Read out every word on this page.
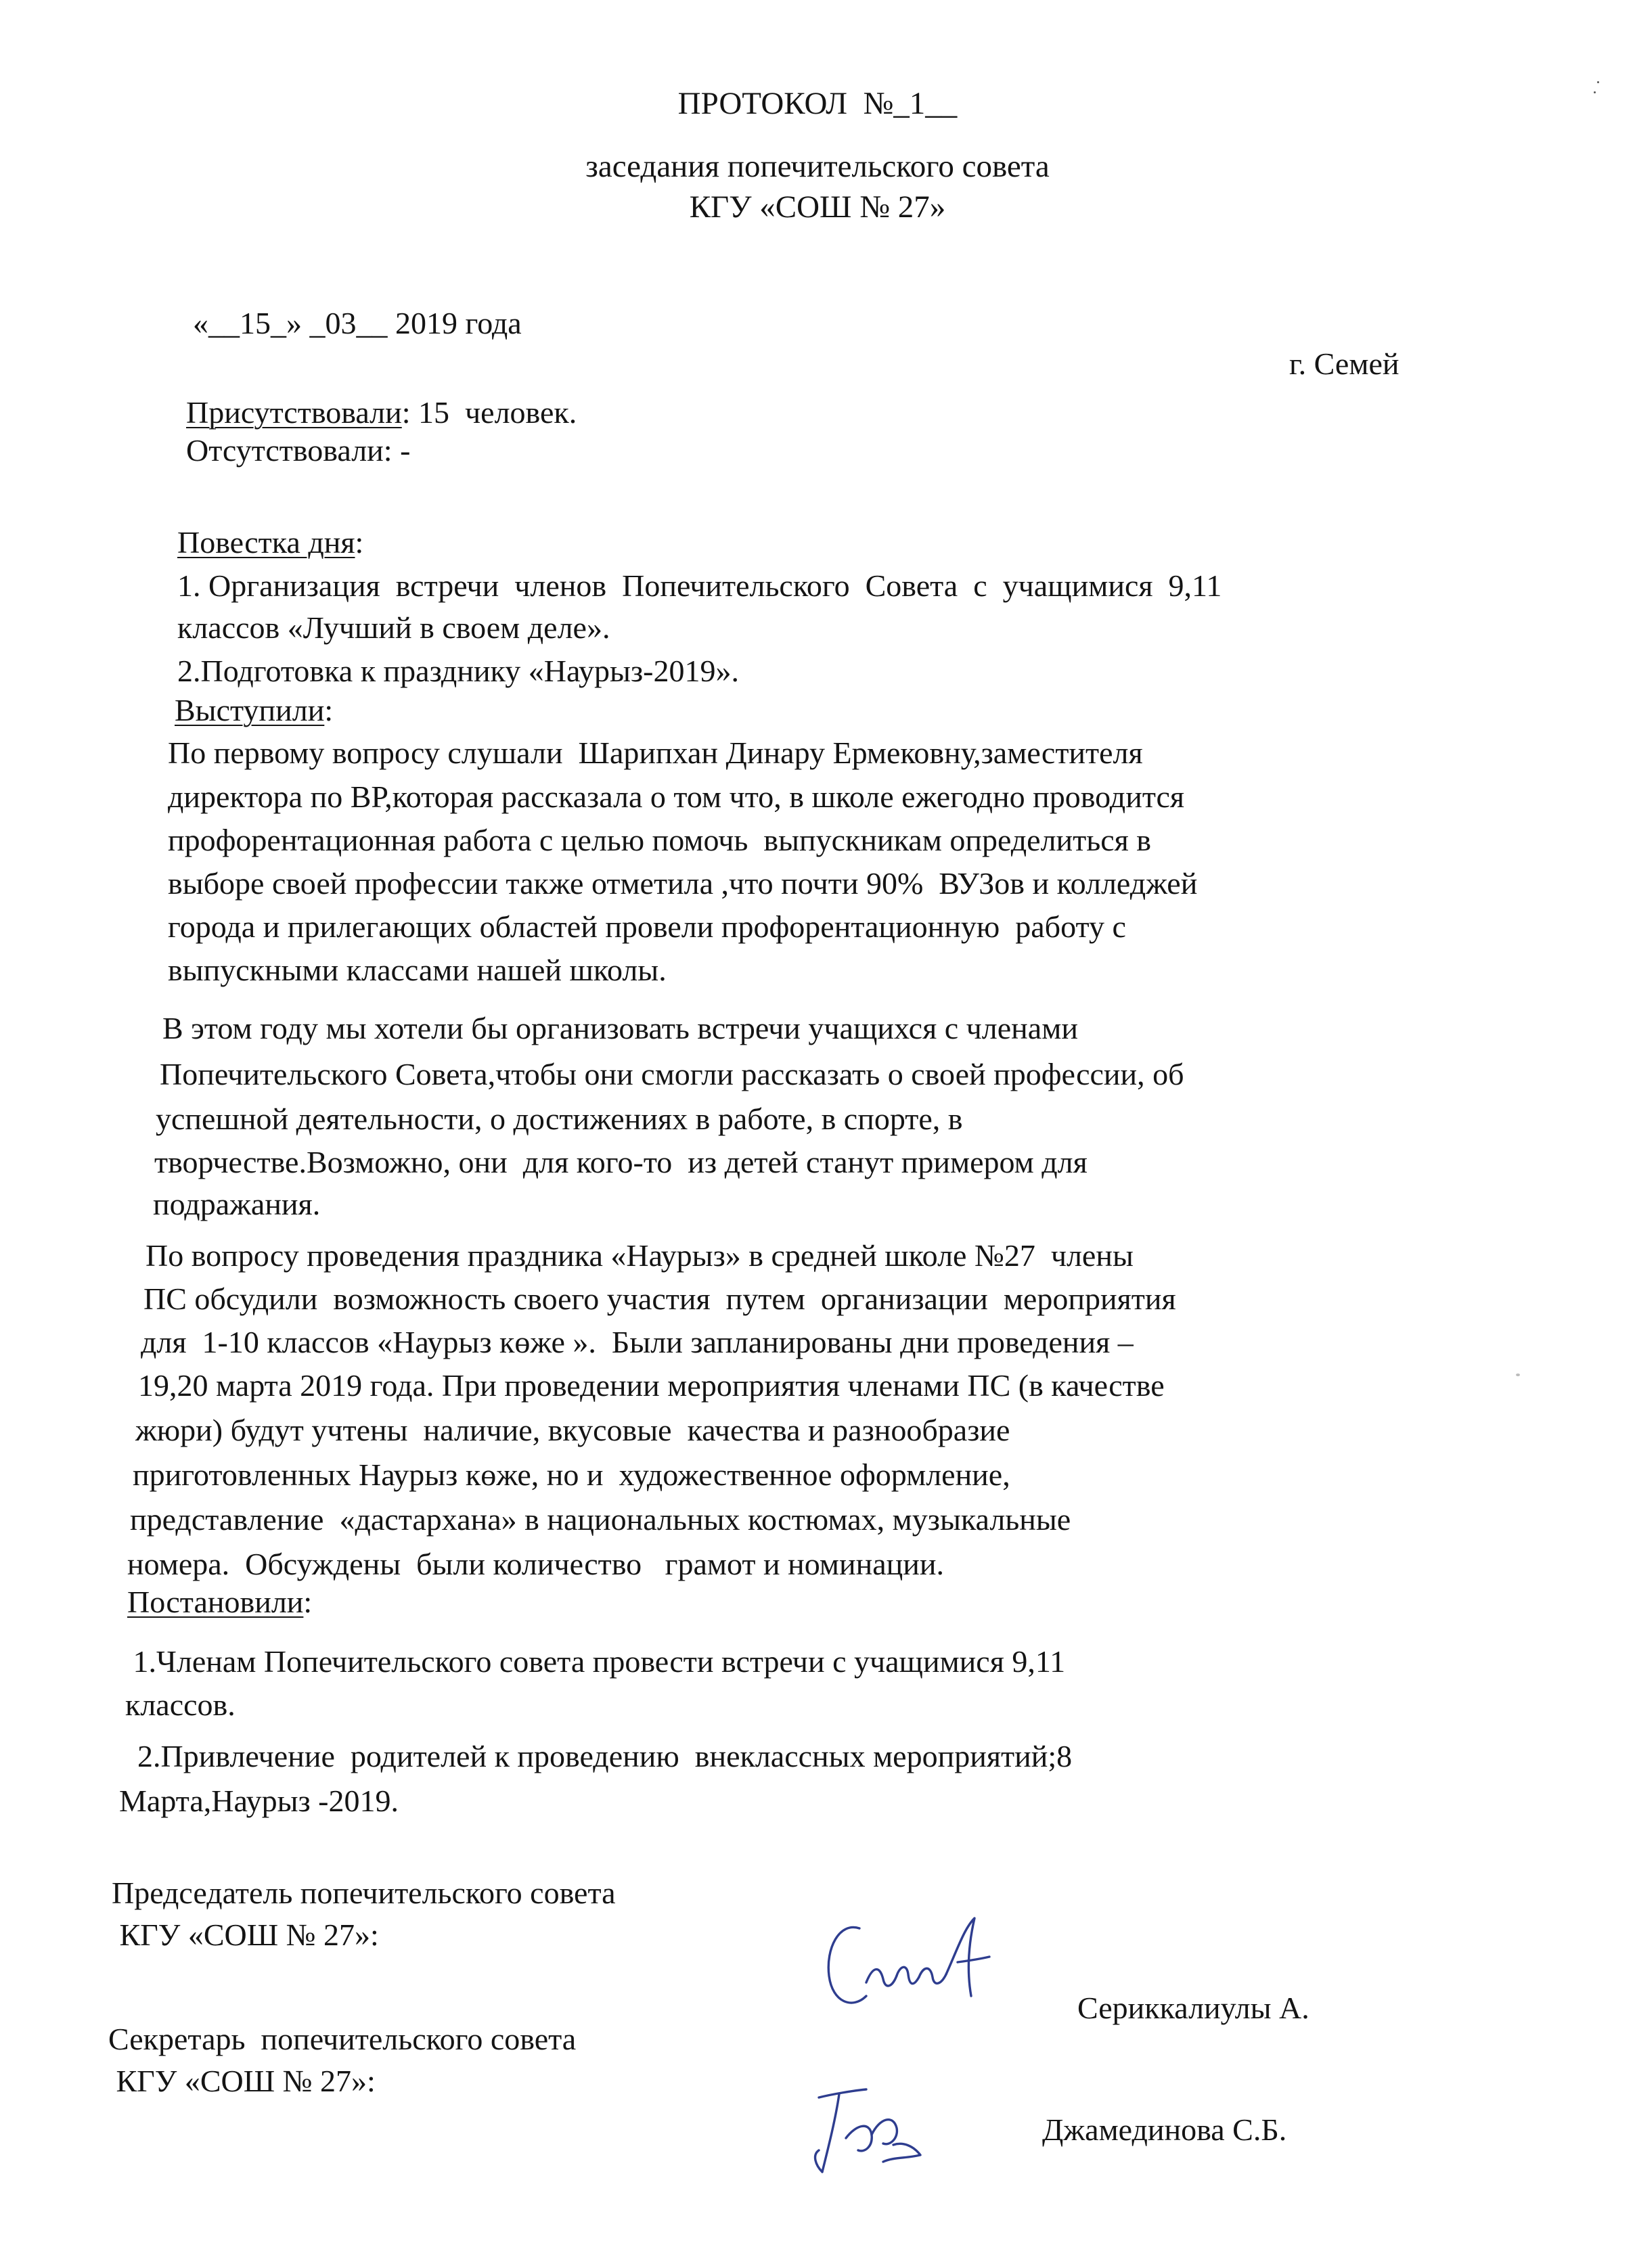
ПРОТОКОЛ  №_1__
заседания попечительского совета
КГУ «СОШ № 27»
«__15_» _03__ 2019 года
г. Семей
Присутствовали: 15  человек.
Отсутствовали: -
Повестка дня:
1. Организация  встречи  членов  Попечительского  Совета  с  учащимися  9,11
классов «Лучший в своем деле».
2.Подготовка к празднику «Наурыз-2019».
Выступили:
По первому вопросу слушали  Шарипхан Динару Ермековну,заместителя
директора по ВР,которая рассказала о том что, в школе ежегодно проводится
профорентационная работа с целью помочь  выпускникам определиться в
выборе своей профессии также отметила ,что почти 90%  ВУЗов и колледжей
города и прилегающих областей провели профорентационную  работу с
выпускными классами нашей школы.
В этом году мы хотели бы организовать встречи учащихся с членами
Попечительского Совета,чтобы они смогли рассказать о своей профессии, об
успешной деятельности, о достижениях в работе, в спорте, в
творчестве.Возможно, они  для кого-то  из детей станут примером для
подражания.
По вопросу проведения праздника «Наурыз» в средней школе №27  члены
ПС обсудили  возможность своего участия  путем  организации  мероприятия
для  1-10 классов «Наурыз көже ».  Были запланированы дни проведения –
19,20 марта 2019 года. При проведении мероприятия членами ПС (в качестве
жюри) будут учтены  наличие, вкусовые  качества и разнообразие
приготовленных Наурыз көже, но и  художественное оформление,
представление  «дастархана» в национальных костюмах, музыкальные
номера.  Обсуждены  были количество   грамот и номинации.
Постановили:
1.Членам Попечительского совета провести встречи с учащимися 9,11
классов.
2.Привлечение  родителей к проведению  внеклассных мероприятий;8
Марта,Наурыз -2019.
Председатель попечительского совета
КГУ «СОШ № 27»:
Сериккалиулы А.
Секретарь  попечительского совета
КГУ «СОШ № 27»:
Джамединова С.Б.
